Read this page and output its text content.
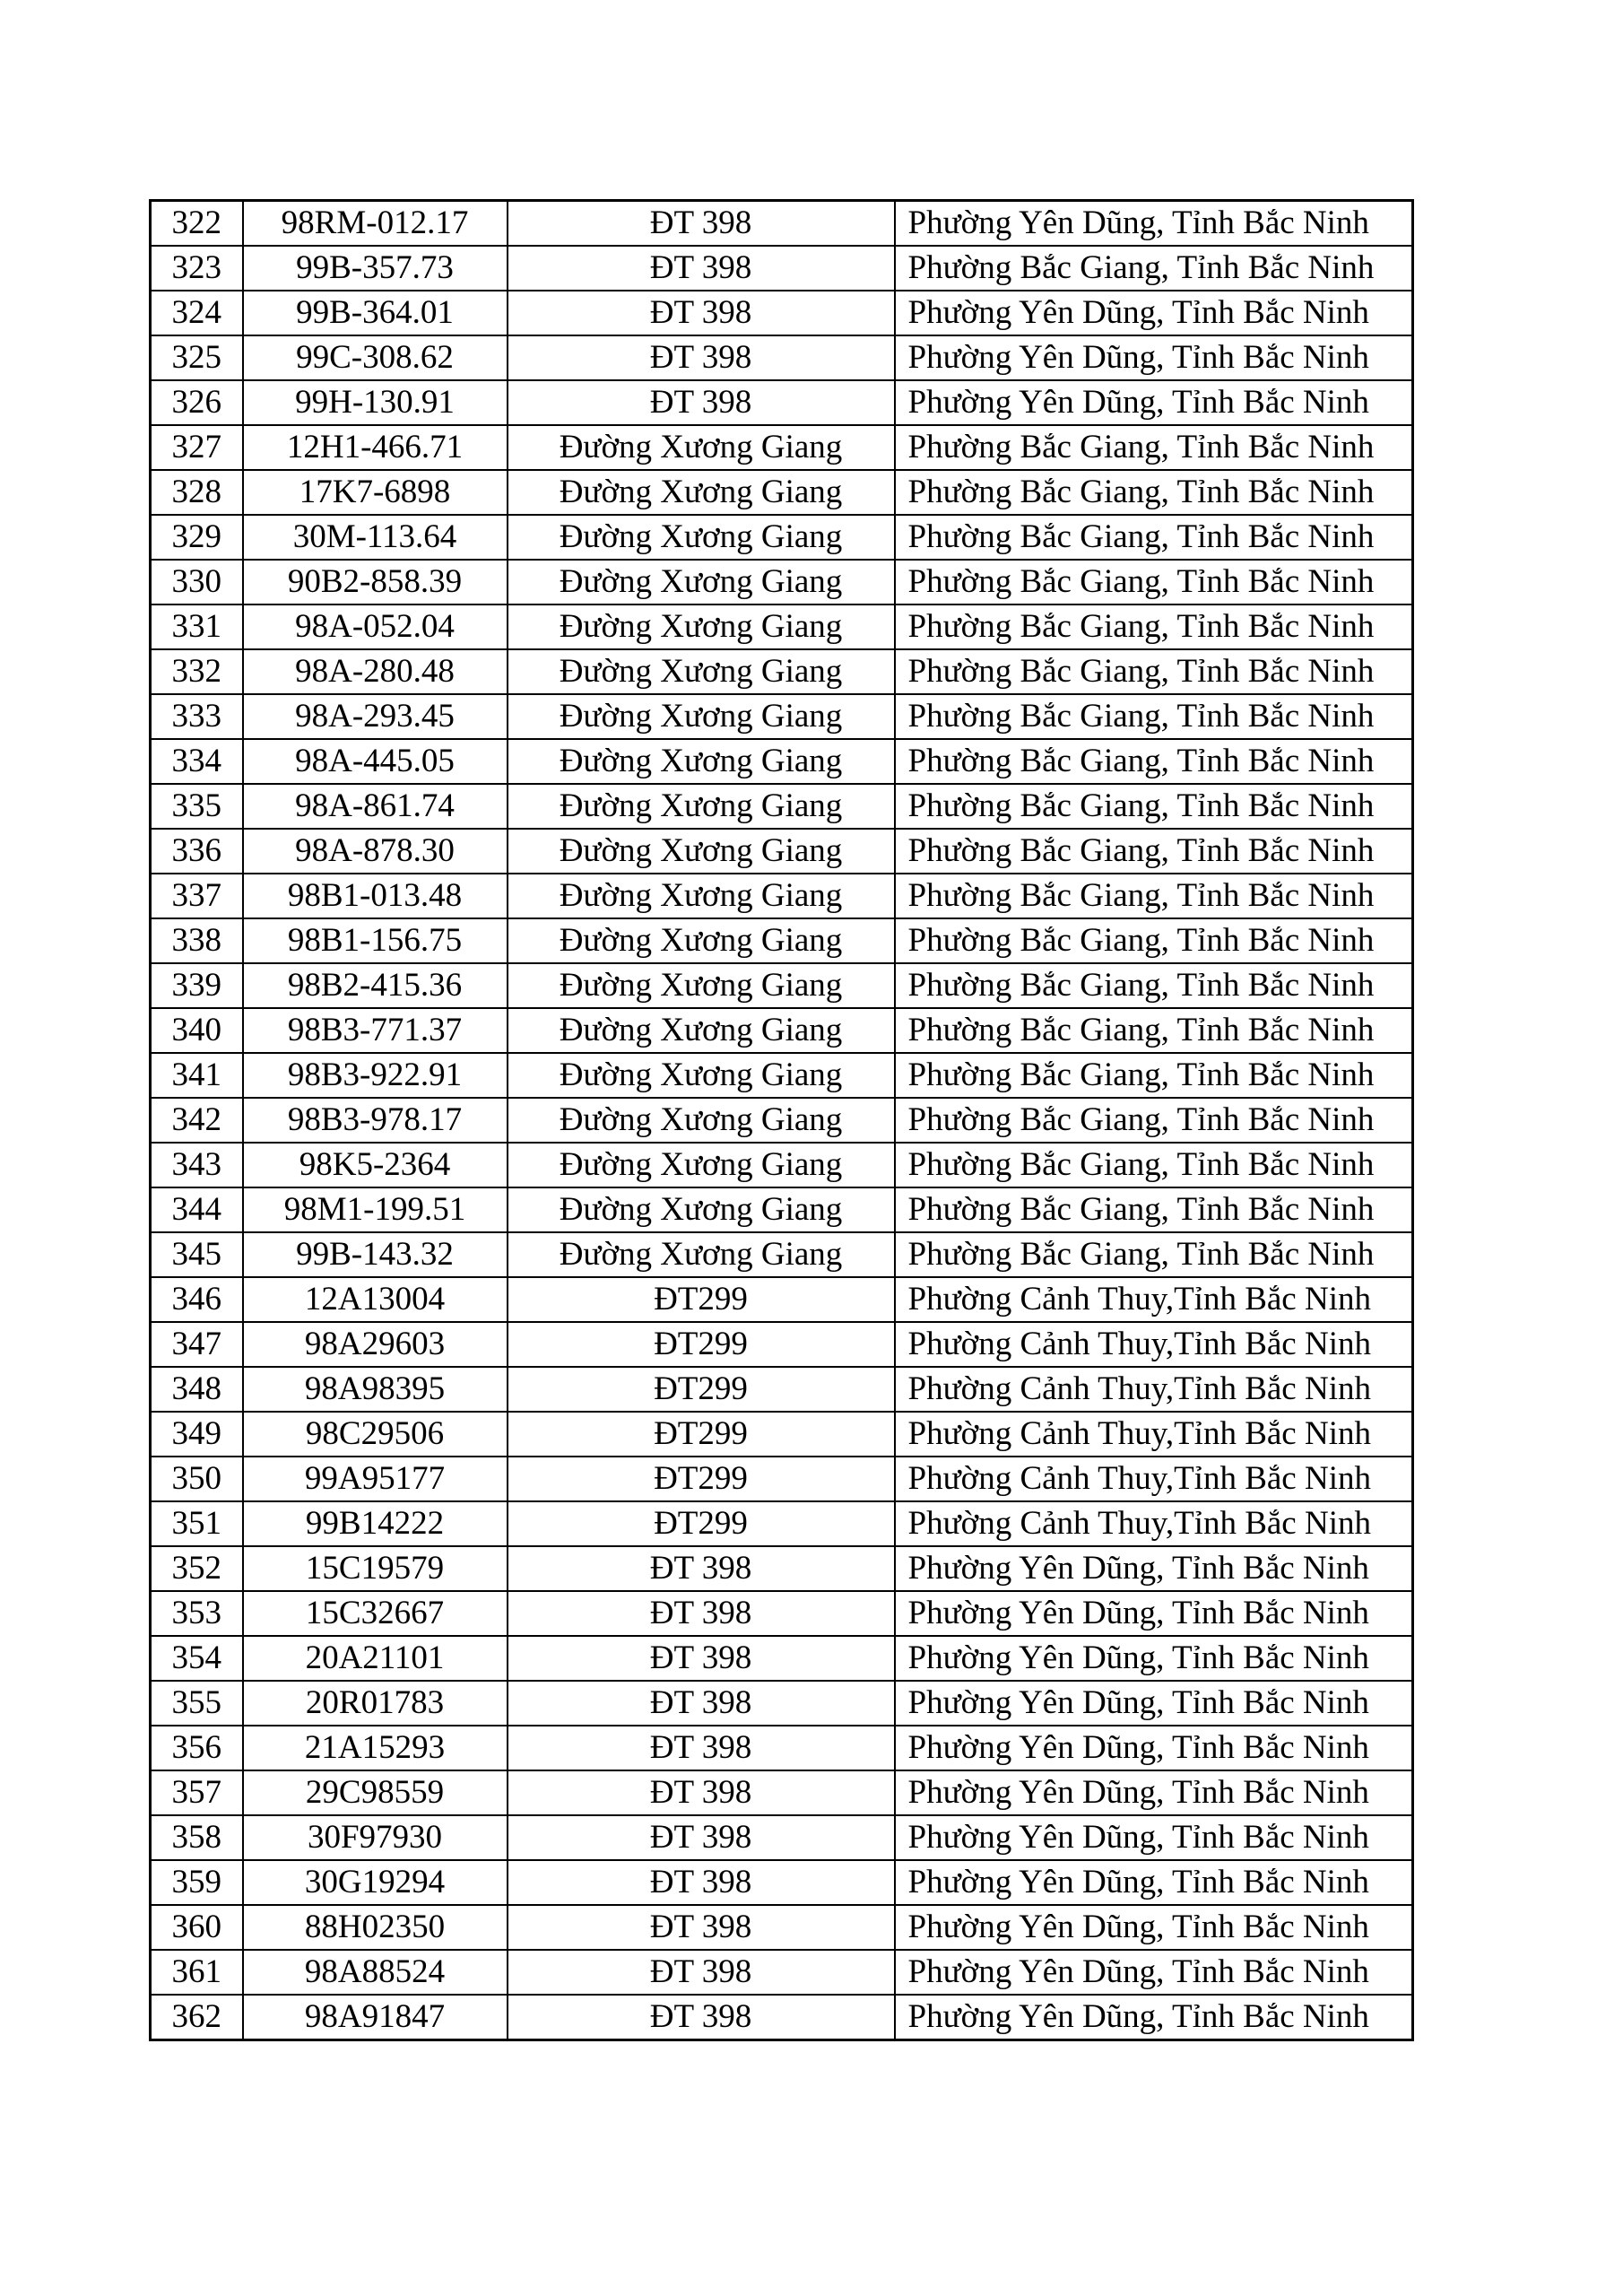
322	98RM-012.17	ĐT 398	Phường Yên Dũng, Tỉnh Bắc Ninh
323	99B-357.73	ĐT 398	Phường Bắc Giang, Tỉnh Bắc Ninh
324	99B-364.01	ĐT 398	Phường Yên Dũng, Tỉnh Bắc Ninh
325	99C-308.62	ĐT 398	Phường Yên Dũng, Tỉnh Bắc Ninh
326	99H-130.91	ĐT 398	Phường Yên Dũng, Tỉnh Bắc Ninh
327	12H1-466.71	Đường Xương Giang	Phường Bắc Giang, Tỉnh Bắc Ninh
328	17K7-6898	Đường Xương Giang	Phường Bắc Giang, Tỉnh Bắc Ninh
329	30M-113.64	Đường Xương Giang	Phường Bắc Giang, Tỉnh Bắc Ninh
330	90B2-858.39	Đường Xương Giang	Phường Bắc Giang, Tỉnh Bắc Ninh
331	98A-052.04	Đường Xương Giang	Phường Bắc Giang, Tỉnh Bắc Ninh
332	98A-280.48	Đường Xương Giang	Phường Bắc Giang, Tỉnh Bắc Ninh
333	98A-293.45	Đường Xương Giang	Phường Bắc Giang, Tỉnh Bắc Ninh
334	98A-445.05	Đường Xương Giang	Phường Bắc Giang, Tỉnh Bắc Ninh
335	98A-861.74	Đường Xương Giang	Phường Bắc Giang, Tỉnh Bắc Ninh
336	98A-878.30	Đường Xương Giang	Phường Bắc Giang, Tỉnh Bắc Ninh
337	98B1-013.48	Đường Xương Giang	Phường Bắc Giang, Tỉnh Bắc Ninh
338	98B1-156.75	Đường Xương Giang	Phường Bắc Giang, Tỉnh Bắc Ninh
339	98B2-415.36	Đường Xương Giang	Phường Bắc Giang, Tỉnh Bắc Ninh
340	98B3-771.37	Đường Xương Giang	Phường Bắc Giang, Tỉnh Bắc Ninh
341	98B3-922.91	Đường Xương Giang	Phường Bắc Giang, Tỉnh Bắc Ninh
342	98B3-978.17	Đường Xương Giang	Phường Bắc Giang, Tỉnh Bắc Ninh
343	98K5-2364	Đường Xương Giang	Phường Bắc Giang, Tỉnh Bắc Ninh
344	98M1-199.51	Đường Xương Giang	Phường Bắc Giang, Tỉnh Bắc Ninh
345	99B-143.32	Đường Xương Giang	Phường Bắc Giang, Tỉnh Bắc Ninh
346	12A13004	ĐT299	Phường Cảnh Thuy,Tỉnh Bắc Ninh
347	98A29603	ĐT299	Phường Cảnh Thuy,Tỉnh Bắc Ninh
348	98A98395	ĐT299	Phường Cảnh Thuy,Tỉnh Bắc Ninh
349	98C29506	ĐT299	Phường Cảnh Thuy,Tỉnh Bắc Ninh
350	99A95177	ĐT299	Phường Cảnh Thuy,Tỉnh Bắc Ninh
351	99B14222	ĐT299	Phường Cảnh Thuy,Tỉnh Bắc Ninh
352	15C19579	ĐT 398	Phường Yên Dũng, Tỉnh Bắc Ninh
353	15C32667	ĐT 398	Phường Yên Dũng, Tỉnh Bắc Ninh
354	20A21101	ĐT 398	Phường Yên Dũng, Tỉnh Bắc Ninh
355	20R01783	ĐT 398	Phường Yên Dũng, Tỉnh Bắc Ninh
356	21A15293	ĐT 398	Phường Yên Dũng, Tỉnh Bắc Ninh
357	29C98559	ĐT 398	Phường Yên Dũng, Tỉnh Bắc Ninh
358	30F97930	ĐT 398	Phường Yên Dũng, Tỉnh Bắc Ninh
359	30G19294	ĐT 398	Phường Yên Dũng, Tỉnh Bắc Ninh
360	88H02350	ĐT 398	Phường Yên Dũng, Tỉnh Bắc Ninh
361	98A88524	ĐT 398	Phường Yên Dũng, Tỉnh Bắc Ninh
362	98A91847	ĐT 398	Phường Yên Dũng, Tỉnh Bắc Ninh
